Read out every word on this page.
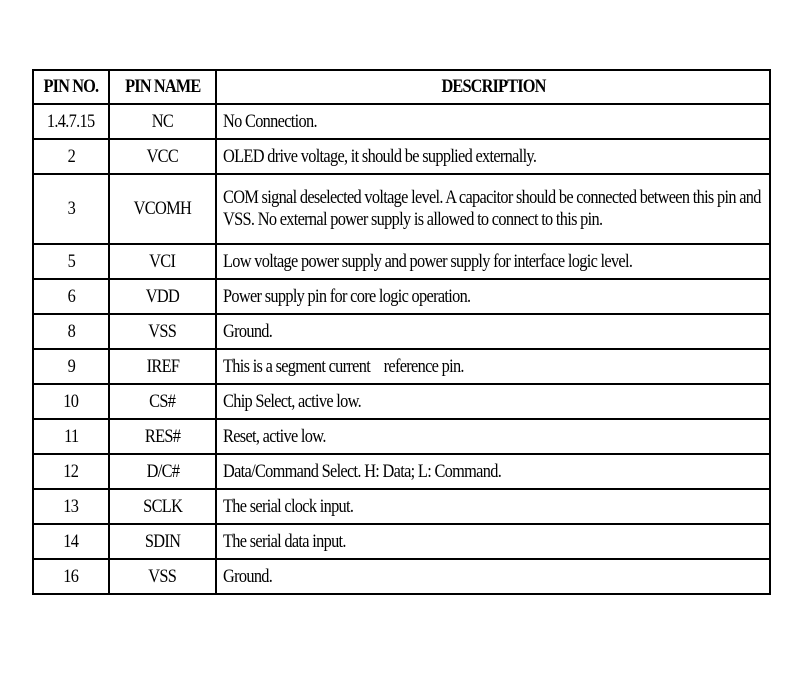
PIN NO.	PIN NAME	DESCRIPTION
1.4.7.15	NC	No Connection.
2	VCC	OLED drive voltage, it should be supplied externally.
3	VCOMH	COM signal deselected voltage level. A capacitor should be connected between this pin and VSS. No external power supply is allowed to connect to this pin.

5	VCI	Low voltage power supply and power supply for interface logic level.
6	VDD	Power supply pin for core logic operation.
8	VSS	Ground.
9	IREF	This is a segment current    reference pin.
10	CS#	Chip Select, active low.
11	RES#	Reset, active low.
12	D/C#	Data/Command Select. H: Data; L: Command.
13	SCLK	The serial clock input.
14	SDIN	The serial data input.
16	VSS	Ground.
